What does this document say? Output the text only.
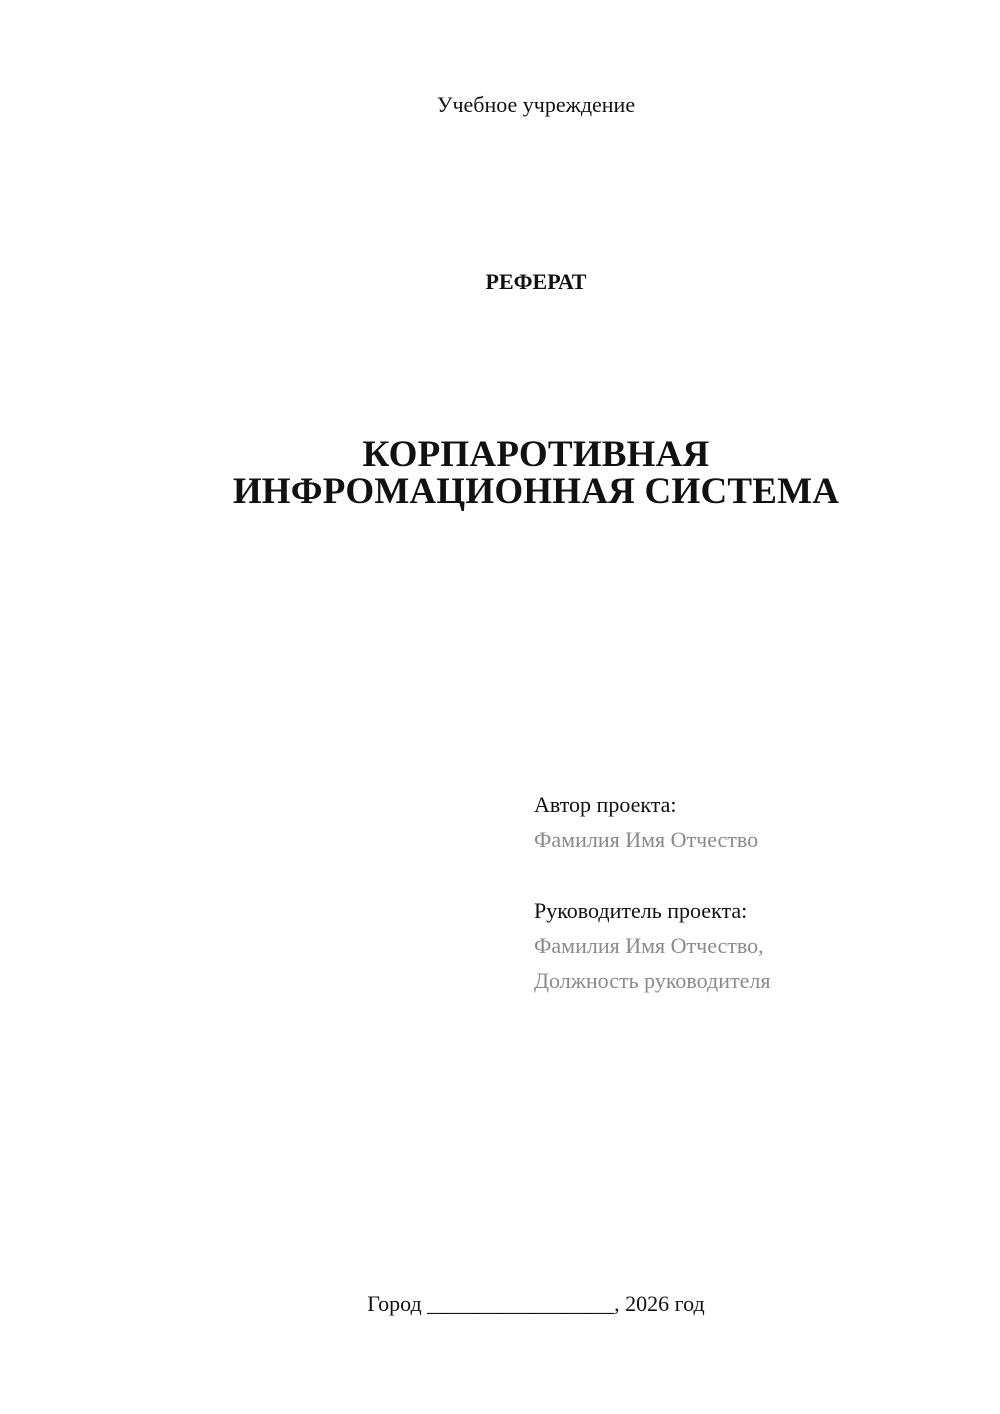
Учебное учреждение
РЕФЕРАТ
КОРПАРОТИВНАЯ
ИНФРОМАЦИОННАЯ СИСТЕМА
Автор проекта:
Фамилия Имя Отчество
Руководитель проекта:
Фамилия Имя Отчество,
Должность руководителя
Город _________________, 2026 год
